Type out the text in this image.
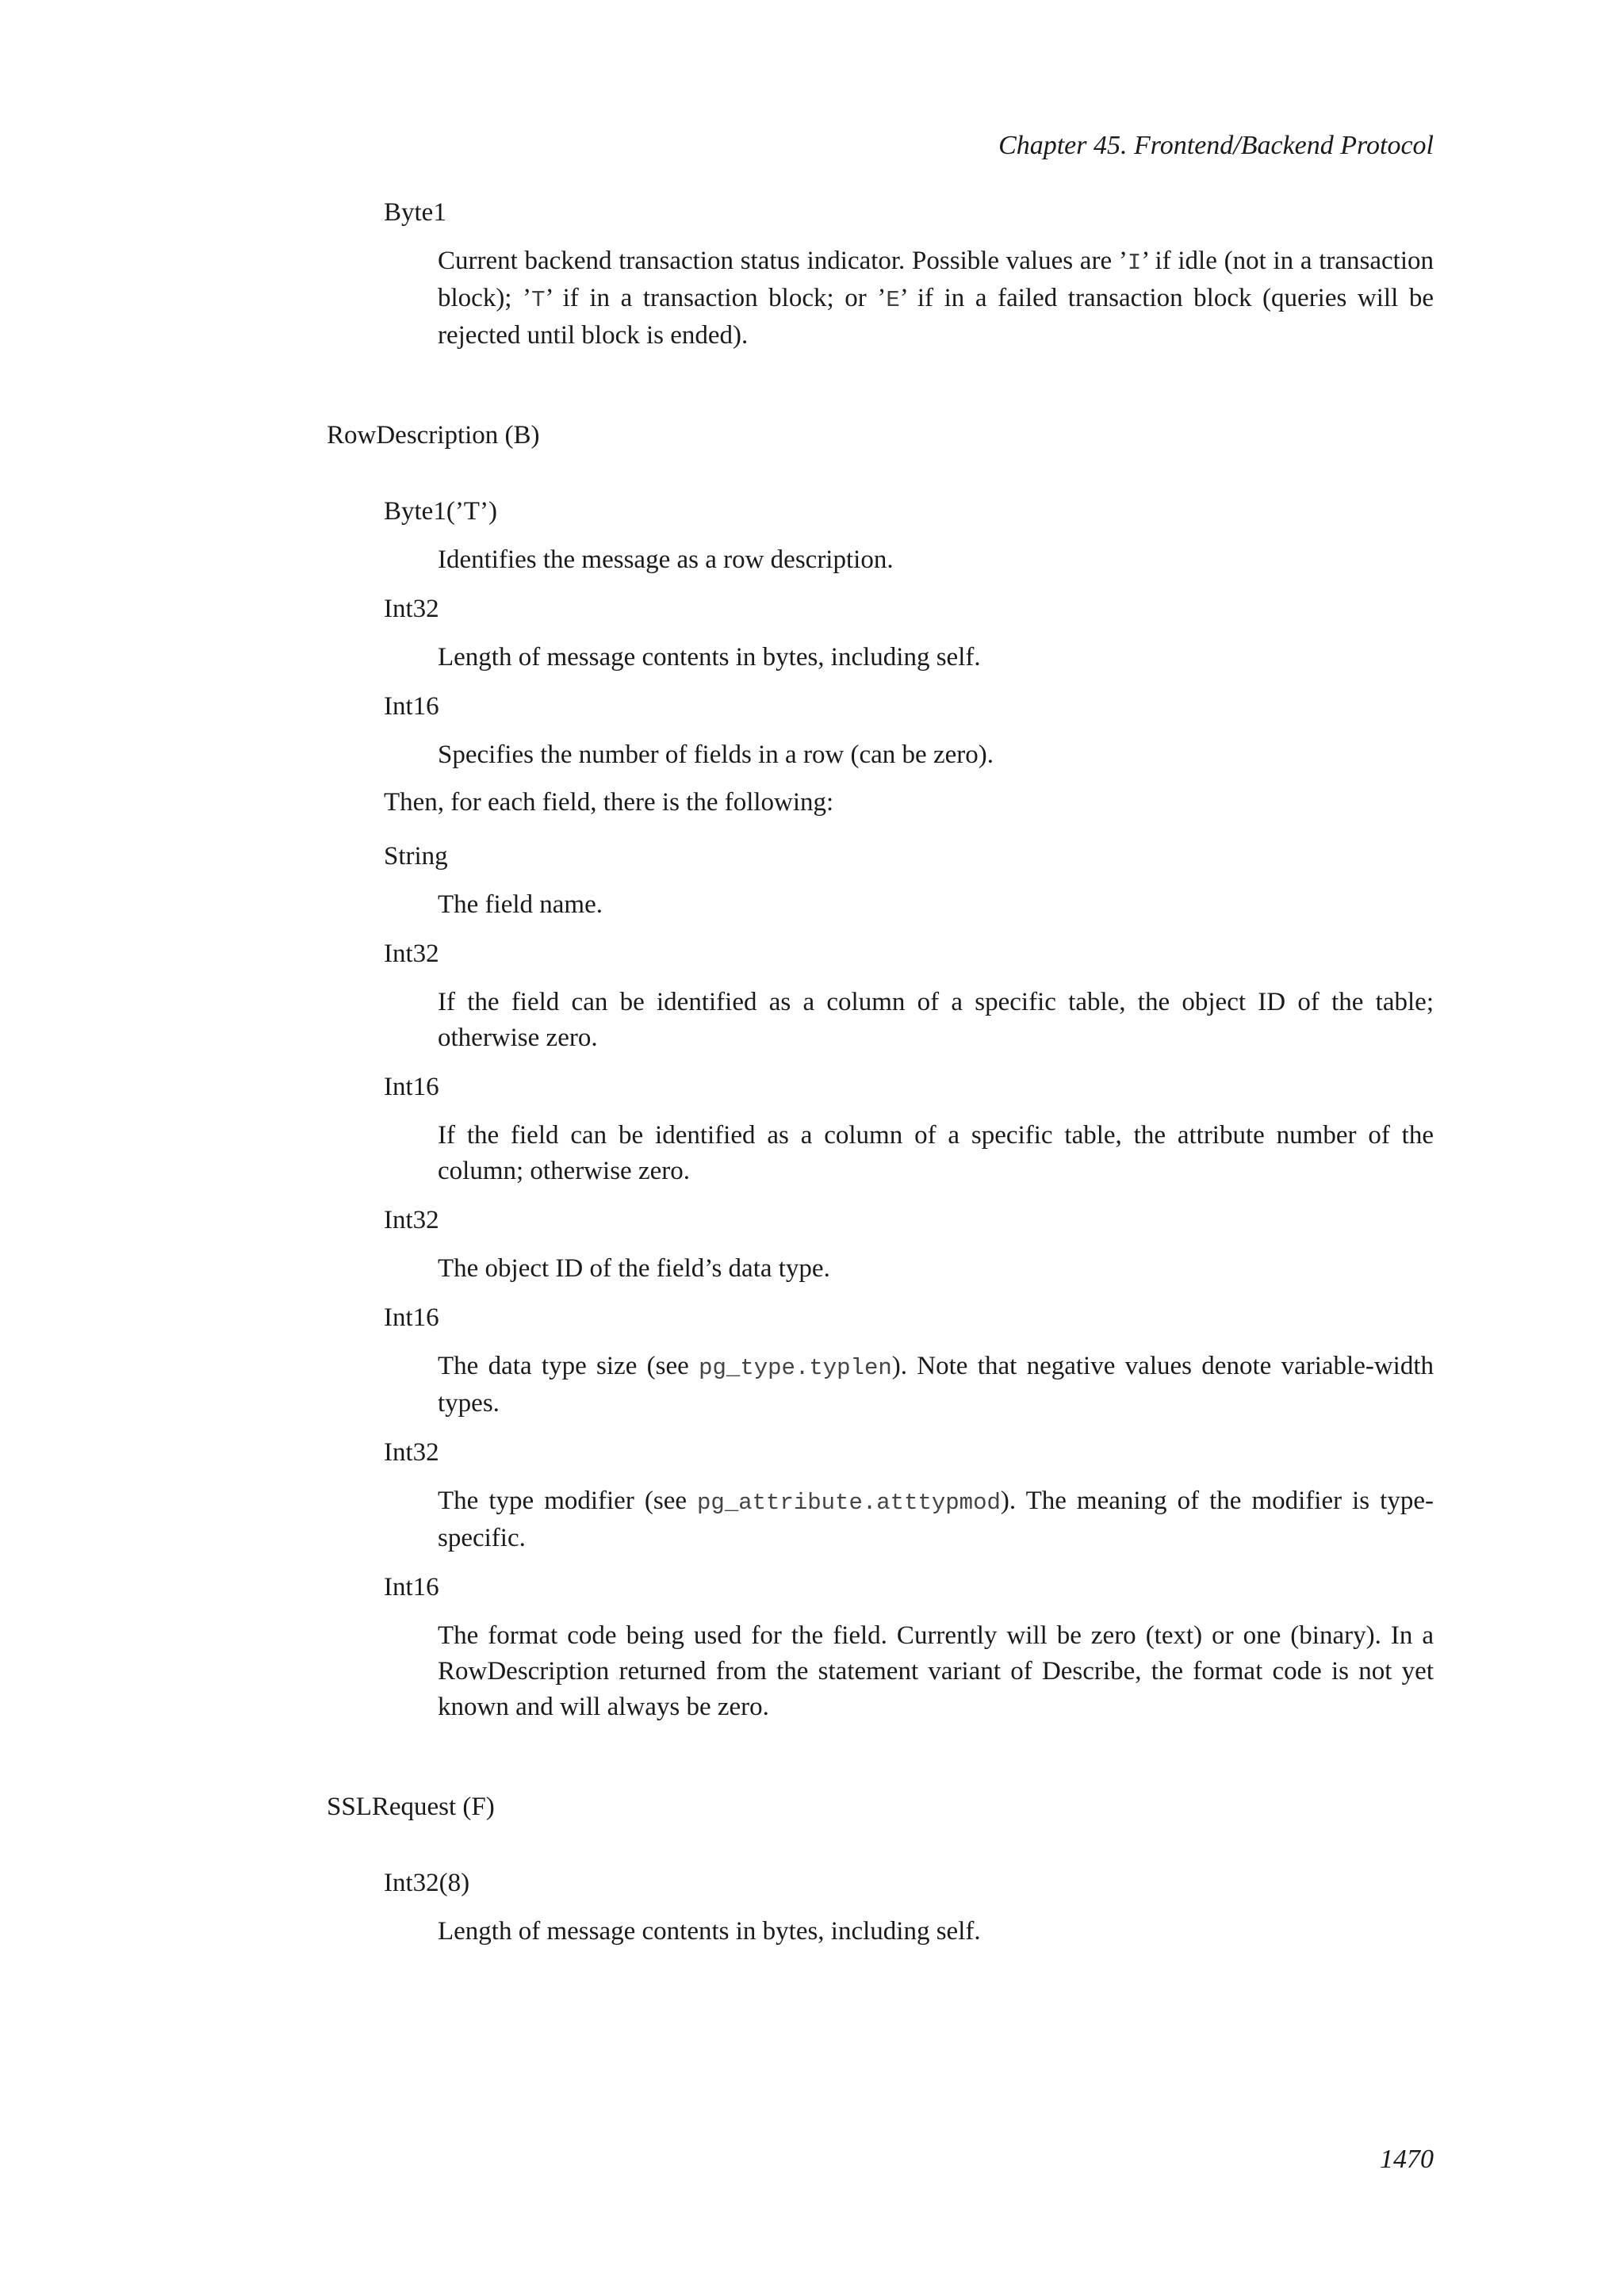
Chapter 45. Frontend/Backend Protocol
Byte1
Current backend transaction status indicator. Possible values are ’I’ if idle (not in a transaction block); ’T’ if in a transaction block; or ’E’ if in a failed transaction block (queries will be rejected until block is ended).
RowDescription (B)
Byte1(’T’)
Identifies the message as a row description.
Int32
Length of message contents in bytes, including self.
Int16
Specifies the number of fields in a row (can be zero).
Then, for each field, there is the following:
String
The field name.
Int32
If the field can be identified as a column of a specific table, the object ID of the table; otherwise zero.
Int16
If the field can be identified as a column of a specific table, the attribute number of the column; otherwise zero.
Int32
The object ID of the field’s data type.
Int16
The data type size (see pg_type.typlen). Note that negative values denote variable-width types.
Int32
The type modifier (see pg_attribute.atttypmod). The meaning of the modifier is type-specific.
Int16
The format code being used for the field. Currently will be zero (text) or one (binary). In a RowDescription returned from the statement variant of Describe, the format code is not yet known and will always be zero.
SSLRequest (F)
Int32(8)
Length of message contents in bytes, including self.
1470
